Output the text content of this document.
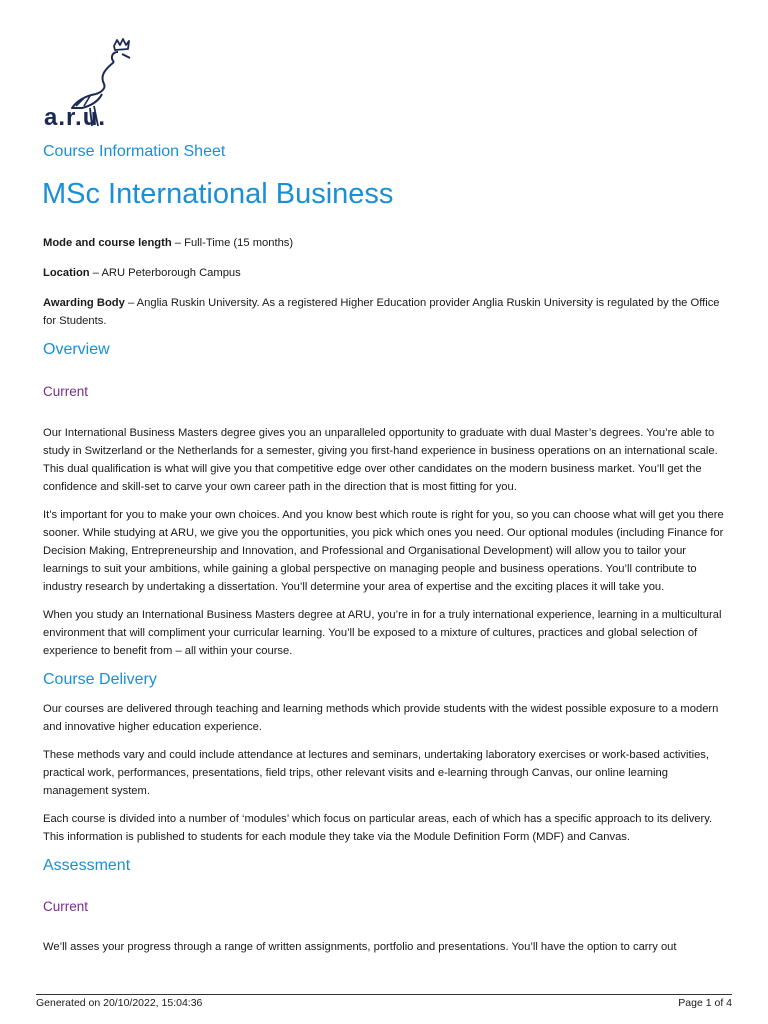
a.r.u.
Course Information Sheet
MSc International Business

Mode and course length – Full-Time (15 months)

Location – ARU Peterborough Campus

Awarding Body – Anglia Ruskin University. As a registered Higher Education provider Anglia Ruskin University is regulated by the Office for Students.

Overview
Current

Our International Business Masters degree gives you an unparalleled opportunity to graduate with dual Master’s degrees. You’re able to study in Switzerland or the Netherlands for a semester, giving you first-hand experience in business operations on an international scale. This dual qualification is what will give you that competitive edge over other candidates on the modern business market. You’ll get the confidence and skill-set to carve your own career path in the direction that is most fitting for you.

It’s important for you to make your own choices. And you know best which route is right for you, so you can choose what will get you there sooner. While studying at ARU, we give you the opportunities, you pick which ones you need. Our optional modules (including Finance for Decision Making, Entrepreneurship and Innovation, and Professional and Organisational Development) will allow you to tailor your learnings to suit your ambitions, while gaining a global perspective on managing people and business operations. You’ll contribute to industry research by undertaking a dissertation. You’ll determine your area of expertise and the exciting places it will take you.

When you study an International Business Masters degree at ARU, you’re in for a truly international experience, learning in a multicultural environment that will compliment your curricular learning. You’ll be exposed to a mixture of cultures, practices and global selection of experience to benefit from – all within your course.

Course Delivery

Our courses are delivered through teaching and learning methods which provide students with the widest possible exposure to a modern and innovative higher education experience.

These methods vary and could include attendance at lectures and seminars, undertaking laboratory exercises or work-based activities, practical work, performances, presentations, field trips, other relevant visits and e-learning through Canvas, our online learning management system.

Each course is divided into a number of ‘modules’ which focus on particular areas, each of which has a specific approach to its delivery. This information is published to students for each module they take via the Module Definition Form (MDF) and Canvas.

Assessment
Current

We’ll asses your progress through a range of written assignments, portfolio and presentations. You’ll have the option to carry out

Generated on 20/10/2022, 15:04:36	Page 1 of 4
